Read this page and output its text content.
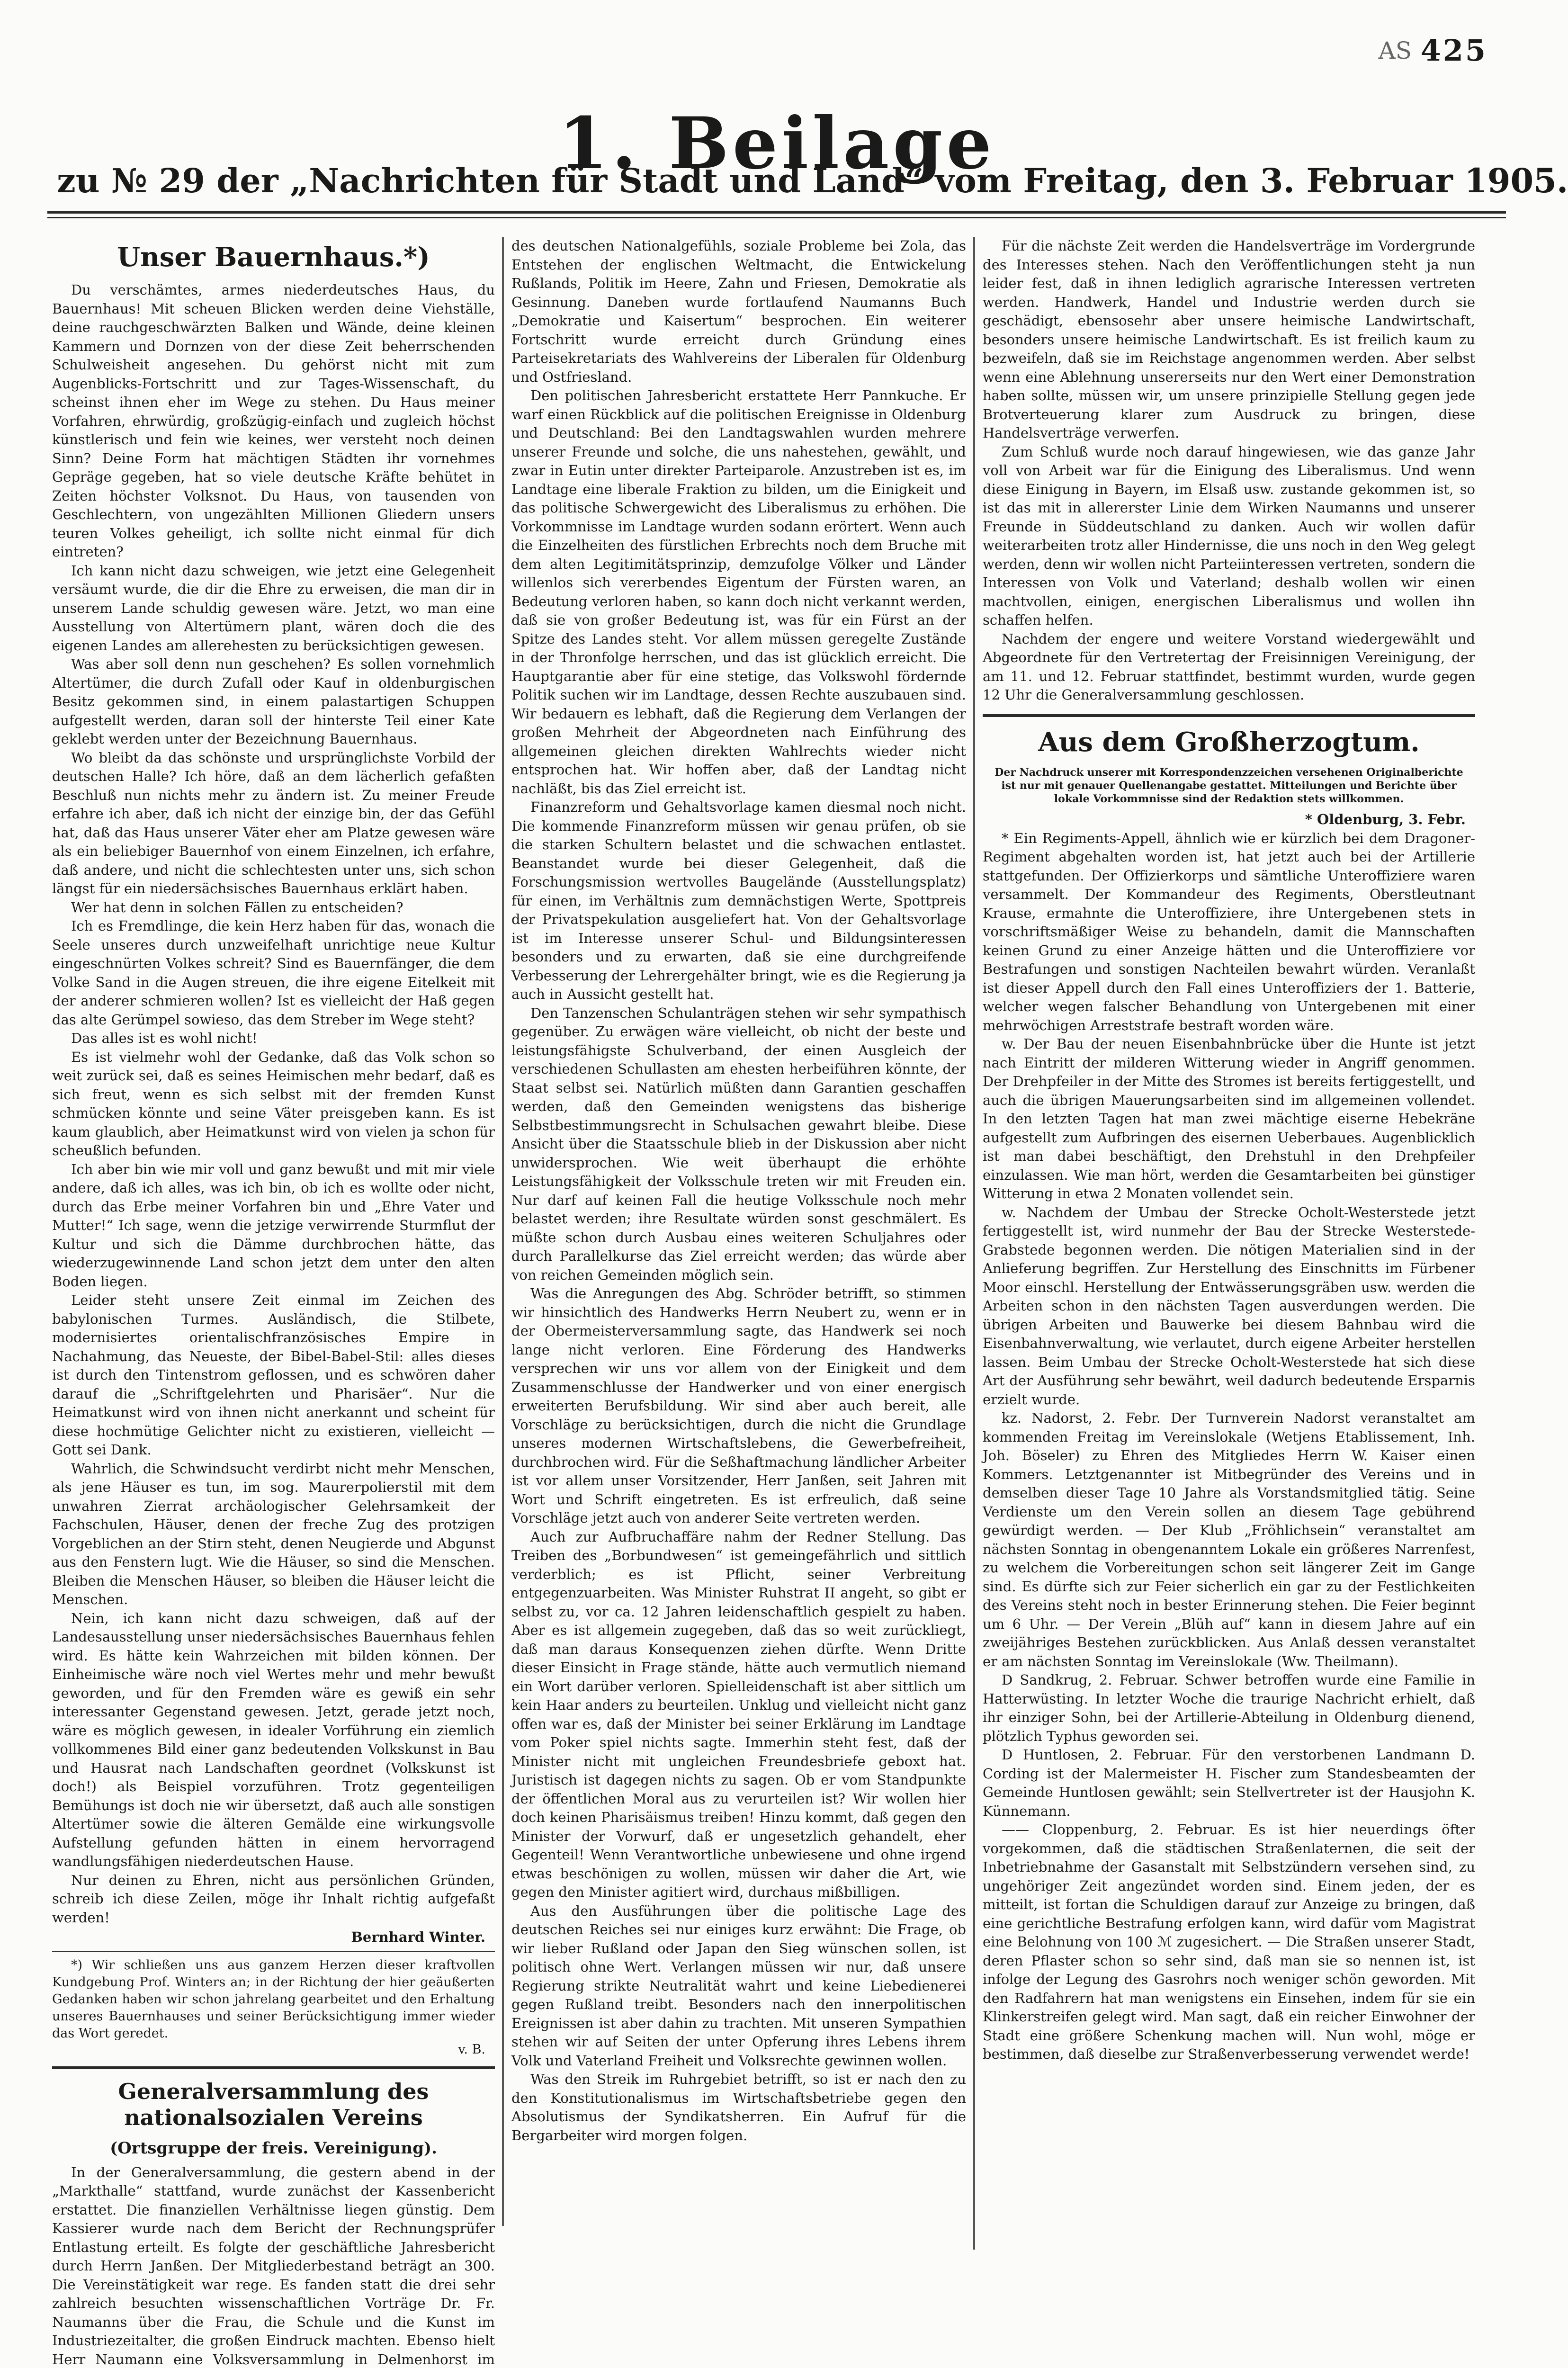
AS 425
1. Beilage
zu № 29 der „Nachrichten für Stadt und Land“ vom Freitag, den 3. Februar 1905.
Unser Bauernhaus.*)

Du verschämtes, armes niederdeutsches Haus, du Bauernhaus! Mit scheuen Blicken werden deine Viehställe, deine rauchgeschwärzten Balken und Wände, deine kleinen Kammern und Dornzen von der diese Zeit beherrschenden Schulweisheit angesehen. Du gehörst nicht mit zum Augenblicks-Fortschritt und zur Tages-Wissenschaft, du scheinst ihnen eher im Wege zu stehen. Du Haus meiner Vorfahren, ehrwürdig, großzügig-einfach und zugleich höchst künstlerisch und fein wie keines, wer versteht noch deinen Sinn? Deine Form hat mächtigen Städten ihr vornehmes Gepräge gegeben, hat so viele deutsche Kräfte behütet in Zeiten höchster Volksnot. Du Haus, von tausenden von Geschlechtern, von ungezählten Millionen Gliedern unsers teuren Volkes geheiligt, ich sollte nicht einmal für dich eintreten?

Ich kann nicht dazu schweigen, wie jetzt eine Gelegenheit versäumt wurde, die dir die Ehre zu erweisen, die man dir in unserem Lande schuldig gewesen wäre. Jetzt, wo man eine Ausstellung von Altertümern plant, wären doch die des eigenen Landes am allerehesten zu berücksichtigen gewesen.

Was aber soll denn nun geschehen? Es sollen vornehmlich Altertümer, die durch Zufall oder Kauf in oldenburgischen Besitz gekommen sind, in einem palastartigen Schuppen aufgestellt werden, daran soll der hinterste Teil einer Kate geklebt werden unter der Bezeichnung Bauernhaus.

Wo bleibt da das schönste und ursprünglichste Vorbild der deutschen Halle? Ich höre, daß an dem lächerlich gefaßten Beschluß nun nichts mehr zu ändern ist. Zu meiner Freude erfahre ich aber, daß ich nicht der einzige bin, der das Gefühl hat, daß das Haus unserer Väter eher am Platze gewesen wäre als ein beliebiger Bauernhof von einem Einzelnen, ich erfahre, daß andere, und nicht die schlechtesten unter uns, sich schon längst für ein niedersächsisches Bauernhaus erklärt haben.

Wer hat denn in solchen Fällen zu entscheiden?

Ich es Fremdlinge, die kein Herz haben für das, wonach die Seele unseres durch unzweifelhaft unrichtige neue Kultur eingeschnürten Volkes schreit? Sind es Bauernfänger, die dem Volke Sand in die Augen streuen, die ihre eigene Eitelkeit mit der anderer schmieren wollen? Ist es vielleicht der Haß gegen das alte Gerümpel sowieso, das dem Streber im Wege steht?

Das alles ist es wohl nicht!

Es ist vielmehr wohl der Gedanke, daß das Volk schon so weit zurück sei, daß es seines Heimischen mehr bedarf, daß es sich freut, wenn es sich selbst mit der fremden Kunst schmücken könnte und seine Väter preisgeben kann. Es ist kaum glaublich, aber Heimatkunst wird von vielen ja schon für scheußlich befunden.

Ich aber bin wie mir voll und ganz bewußt und mit mir viele andere, daß ich alles, was ich bin, ob ich es wollte oder nicht, durch das Erbe meiner Vorfahren bin und „Ehre Vater und Mutter!“ Ich sage, wenn die jetzige verwirrende Sturmflut der Kultur und sich die Dämme durchbrochen hätte, das wiederzugewinnende Land schon jetzt dem unter den alten Boden liegen.

Leider steht unsere Zeit einmal im Zeichen des babylonischen Turmes. Ausländisch, die Stilbete, modernisiertes orientalischfranzösisches Empire in Nachahmung, das Neueste, der Bibel-Babel-Stil: alles dieses ist durch den Tintenstrom geflossen, und es schwören daher darauf die „Schriftgelehrten und Pharisäer“. Nur die Heimatkunst wird von ihnen nicht anerkannt und scheint für diese hochmütige Gelichter nicht zu existieren, vielleicht — Gott sei Dank.

Wahrlich, die Schwindsucht verdirbt nicht mehr Menschen, als jene Häuser es tun, im sog. Maurerpolierstil mit dem unwahren Zierrat archäologischer Gelehrsamkeit der Fachschulen, Häuser, denen der freche Zug des protzigen Vorgeblichen an der Stirn steht, denen Neugierde und Abgunst aus den Fenstern lugt. Wie die Häuser, so sind die Menschen. Bleiben die Menschen Häuser, so bleiben die Häuser leicht die Menschen.

Nein, ich kann nicht dazu schweigen, daß auf der Landesausstellung unser niedersächsisches Bauernhaus fehlen wird. Es hätte kein Wahrzeichen mit bilden können. Der Einheimische wäre noch viel Wertes mehr und mehr bewußt geworden, und für den Fremden wäre es gewiß ein sehr interessanter Gegenstand gewesen. Jetzt, gerade jetzt noch, wäre es möglich gewesen, in idealer Vorführung ein ziemlich vollkommenes Bild einer ganz bedeutenden Volkskunst in Bau und Hausrat nach Landschaften geordnet (Volkskunst ist doch!) als Beispiel vorzuführen. Trotz gegenteiligen Bemühungs ist doch nie wir übersetzt, daß auch alle sonstigen Altertümer sowie die älteren Gemälde eine wirkungsvolle Aufstellung gefunden hätten in einem hervorragend wandlungsfähigen niederdeutschen Hause.

Nur deinen zu Ehren, nicht aus persönlichen Gründen, schreib ich diese Zeilen, möge ihr Inhalt richtig aufgefaßt werden!

Bernhard Winter.

*) Wir schließen uns aus ganzem Herzen dieser kraftvollen Kundgebung Prof. Winters an; in der Richtung der hier geäußerten Gedanken haben wir schon jahrelang gearbeitet und den Erhaltung unseres Bauernhauses und seiner Berücksichtigung immer wieder das Wort geredet.

v. B.
Generalversammlung des nationalsozialen Vereins
(Ortsgruppe der freis. Vereinigung).

In der Generalversammlung, die gestern abend in der „Markthalle“ stattfand, wurde zunächst der Kassenbericht erstattet. Die finanziellen Verhältnisse liegen günstig. Dem Kassierer wurde nach dem Bericht der Rechnungsprüfer Entlastung erteilt. Es folgte der geschäftliche Jahresbericht durch Herrn Janßen. Der Mitgliederbestand beträgt an 300. Die Vereinstätigkeit war rege. Es fanden statt die drei sehr zahlreich besuchten wissenschaftlichen Vorträge Dr. Fr. Naumanns über die Frau, die Schule und die Kunst im Industriezeitalter, die großen Eindruck machten. Ebenso hielt Herr Naumann eine Volksversammlung in Delmenhorst im

des deutschen Nationalgefühls, soziale Probleme bei Zola, das Entstehen der englischen Weltmacht, die Entwickelung Rußlands, Politik im Heere, Zahn und Friesen, Demokratie als Gesinnung. Daneben wurde fortlaufend Naumanns Buch „Demokratie und Kaisertum“ besprochen. Ein weiterer Fortschritt wurde erreicht durch Gründung eines Parteisekretariats des Wahlvereins der Liberalen für Oldenburg und Ostfriesland.

Den politischen Jahresbericht erstattete Herr Pannkuche. Er warf einen Rückblick auf die politischen Ereignisse in Oldenburg und Deutschland: Bei den Landtagswahlen wurden mehrere unserer Freunde und solche, die uns nahestehen, gewählt, und zwar in Eutin unter direkter Parteiparole. Anzustreben ist es, im Landtage eine liberale Fraktion zu bilden, um die Einigkeit und das politische Schwergewicht des Liberalismus zu erhöhen. Die Vorkommnisse im Landtage wurden sodann erörtert. Wenn auch die Einzelheiten des fürstlichen Erbrechts noch dem Bruche mit dem alten Legitimitätsprinzip, demzufolge Völker und Länder willenlos sich vererbendes Eigentum der Fürsten waren, an Bedeutung verloren haben, so kann doch nicht verkannt werden, daß sie von großer Bedeutung ist, was für ein Fürst an der Spitze des Landes steht. Vor allem müssen geregelte Zustände in der Thronfolge herrschen, und das ist glücklich erreicht. Die Hauptgarantie aber für eine stetige, das Volkswohl fördernde Politik suchen wir im Landtage, dessen Rechte auszubauen sind. Wir bedauern es lebhaft, daß die Regierung dem Verlangen der großen Mehrheit der Abgeordneten nach Einführung des allgemeinen gleichen direkten Wahlrechts wieder nicht entsprochen hat. Wir hoffen aber, daß der Landtag nicht nachläßt, bis das Ziel erreicht ist.

Finanzreform und Gehaltsvorlage kamen diesmal noch nicht. Die kommende Finanzreform müssen wir genau prüfen, ob sie die starken Schultern belastet und die schwachen entlastet. Beanstandet wurde bei dieser Gelegenheit, daß die Forschungsmission wertvolles Baugelände (Ausstellungsplatz) für einen, im Verhältnis zum demnächstigen Werte, Spottpreis der Privatspekulation ausgeliefert hat. Von der Gehaltsvorlage ist im Interesse unserer Schul- und Bildungsinteressen besonders und zu erwarten, daß sie eine durchgreifende Verbesserung der Lehrergehälter bringt, wie es die Regierung ja auch in Aussicht gestellt hat.

Den Tanzenschen Schulanträgen stehen wir sehr sympathisch gegenüber. Zu erwägen wäre vielleicht, ob nicht der beste und leistungsfähigste Schulverband, der einen Ausgleich der verschiedenen Schullasten am ehesten herbeiführen könnte, der Staat selbst sei. Natürlich müßten dann Garantien geschaffen werden, daß den Gemeinden wenigstens das bisherige Selbstbestimmungsrecht in Schulsachen gewahrt bleibe. Diese Ansicht über die Staatsschule blieb in der Diskussion aber nicht unwidersprochen. Wie weit überhaupt die erhöhte Leistungsfähigkeit der Volksschule treten wir mit Freuden ein. Nur darf auf keinen Fall die heutige Volksschule noch mehr belastet werden; ihre Resultate würden sonst geschmälert. Es müßte schon durch Ausbau eines weiteren Schuljahres oder durch Parallelkurse das Ziel erreicht werden; das würde aber von reichen Gemeinden möglich sein.

Was die Anregungen des Abg. Schröder betrifft, so stimmen wir hinsichtlich des Handwerks Herrn Neubert zu, wenn er in der Obermeisterversammlung sagte, das Handwerk sei noch lange nicht verloren. Eine Förderung des Handwerks versprechen wir uns vor allem von der Einigkeit und dem Zusammenschlusse der Handwerker und von einer energisch erweiterten Berufsbildung. Wir sind aber auch bereit, alle Vorschläge zu berücksichtigen, durch die nicht die Grundlage unseres modernen Wirtschaftslebens, die Gewerbefreiheit, durchbrochen wird. Für die Seßhaftmachung ländlicher Arbeiter ist vor allem unser Vorsitzender, Herr Janßen, seit Jahren mit Wort und Schrift eingetreten. Es ist erfreulich, daß seine Vorschläge jetzt auch von anderer Seite vertreten werden.

Auch zur Aufbruchaffäre nahm der Redner Stellung. Das Treiben des „Borbundwesen“ ist gemeingefährlich und sittlich verderblich; es ist Pflicht, seiner Verbreitung entgegenzuarbeiten. Was Minister Ruhstrat II angeht, so gibt er selbst zu, vor ca. 12 Jahren leidenschaftlich gespielt zu haben. Aber es ist allgemein zugegeben, daß das so weit zurückliegt, daß man daraus Konsequenzen ziehen dürfte. Wenn Dritte dieser Einsicht in Frage stände, hätte auch vermutlich niemand ein Wort darüber verloren. Spielleidenschaft ist aber sittlich um kein Haar anders zu beurteilen. Unklug und vielleicht nicht ganz offen war es, daß der Minister bei seiner Erklärung im Landtage vom Poker spiel nichts sagte. Immerhin steht fest, daß der Minister nicht mit ungleichen Freundesbriefe geboxt hat. Juristisch ist dagegen nichts zu sagen. Ob er vom Standpunkte der öffentlichen Moral aus zu verurteilen ist? Wir wollen hier doch keinen Pharisäismus treiben! Hinzu kommt, daß gegen den Minister der Vorwurf, daß er ungesetzlich gehandelt, eher Gegenteil! Wenn Verantwortliche unbewiesene und ohne irgend etwas beschönigen zu wollen, müssen wir daher die Art, wie gegen den Minister agitiert wird, durchaus mißbilligen.

Aus den Ausführungen über die politische Lage des deutschen Reiches sei nur einiges kurz erwähnt: Die Frage, ob wir lieber Rußland oder Japan den Sieg wünschen sollen, ist politisch ohne Wert. Verlangen müssen wir nur, daß unsere Regierung strikte Neutralität wahrt und keine Liebedienerei gegen Rußland treibt. Besonders nach den innerpolitischen Ereignissen ist aber dahin zu trachten. Mit unseren Sympathien stehen wir auf Seiten der unter Opferung ihres Lebens ihrem Volk und Vaterland Freiheit und Volksrechte gewinnen wollen.

Was den Streik im Ruhrgebiet betrifft, so ist er nach den zu den Konstitutionalismus im Wirtschaftsbetriebe gegen den Absolutismus der Syndikatsherren. Ein Aufruf für die Bergarbeiter wird morgen folgen.

Für die nächste Zeit werden die Handelsverträge im Vordergrunde des Interesses stehen. Nach den Veröffentlichungen steht ja nun leider fest, daß in ihnen lediglich agrarische Interessen vertreten werden. Handwerk, Handel und Industrie werden durch sie geschädigt, ebensosehr aber unsere heimische Landwirtschaft, besonders unsere heimische Landwirtschaft. Es ist freilich kaum zu bezweifeln, daß sie im Reichstage angenommen werden. Aber selbst wenn eine Ablehnung unsererseits nur den Wert einer Demonstration haben sollte, müssen wir, um unsere prinzipielle Stellung gegen jede Brotverteuerung klarer zum Ausdruck zu bringen, diese Handelsverträge verwerfen.

Zum Schluß wurde noch darauf hingewiesen, wie das ganze Jahr voll von Arbeit war für die Einigung des Liberalismus. Und wenn diese Einigung in Bayern, im Elsaß usw. zustande gekommen ist, so ist das mit in allererster Linie dem Wirken Naumanns und unserer Freunde in Süddeutschland zu danken. Auch wir wollen dafür weiterarbeiten trotz aller Hindernisse, die uns noch in den Weg gelegt werden, denn wir wollen nicht Parteiinteressen vertreten, sondern die Interessen von Volk und Vaterland; deshalb wollen wir einen machtvollen, einigen, energischen Liberalismus und wollen ihn schaffen helfen.

Nachdem der engere und weitere Vorstand wiedergewählt und Abgeordnete für den Vertretertag der Freisinnigen Vereinigung, der am 11. und 12. Februar stattfindet, bestimmt wurden, wurde gegen 12 Uhr die Generalversammlung geschlossen.

Aus dem Großherzogtum.
Der Nachdruck unserer mit Korrespondenzzeichen versehenen Originalberichte ist nur mit genauer Quellenangabe gestattet. Mitteilungen und Berichte über lokale Vorkommnisse sind der Redaktion stets willkommen.
* Oldenburg, 3. Febr.

* Ein Regiments-Appell, ähnlich wie er kürzlich bei dem Dragoner-Regiment abgehalten worden ist, hat jetzt auch bei der Artillerie stattgefunden. Der Offizierkorps und sämtliche Unteroffiziere waren versammelt. Der Kommandeur des Regiments, Oberstleutnant Krause, ermahnte die Unteroffiziere, ihre Untergebenen stets in vorschriftsmäßiger Weise zu behandeln, damit die Mannschaften keinen Grund zu einer Anzeige hätten und die Unteroffiziere vor Bestrafungen und sonstigen Nachteilen bewahrt würden. Veranlaßt ist dieser Appell durch den Fall eines Unteroffiziers der 1. Batterie, welcher wegen falscher Behandlung von Untergebenen mit einer mehrwöchigen Arreststrafe bestraft worden wäre.

w. Der Bau der neuen Eisenbahnbrücke über die Hunte ist jetzt nach Eintritt der milderen Witterung wieder in Angriff genommen. Der Drehpfeiler in der Mitte des Stromes ist bereits fertiggestellt, und auch die übrigen Mauerungsarbeiten sind im allgemeinen vollendet. In den letzten Tagen hat man zwei mächtige eiserne Hebekräne aufgestellt zum Aufbringen des eisernen Ueberbaues. Augenblicklich ist man dabei beschäftigt, den Drehstuhl in den Drehpfeiler einzulassen. Wie man hört, werden die Gesamtarbeiten bei günstiger Witterung in etwa 2 Monaten vollendet sein.

w. Nachdem der Umbau der Strecke Ocholt-Westerstede jetzt fertiggestellt ist, wird nunmehr der Bau der Strecke Westerstede-Grabstede begonnen werden. Die nötigen Materialien sind in der Anlieferung begriffen. Zur Herstellung des Einschnitts im Fürbener Moor einschl. Herstellung der Entwässerungsgräben usw. werden die Arbeiten schon in den nächsten Tagen ausverdungen werden. Die übrigen Arbeiten und Bauwerke bei diesem Bahnbau wird die Eisenbahnverwaltung, wie verlautet, durch eigene Arbeiter herstellen lassen. Beim Umbau der Strecke Ocholt-Westerstede hat sich diese Art der Ausführung sehr bewährt, weil dadurch bedeutende Ersparnis erzielt wurde.

kz. Nadorst, 2. Febr. Der Turnverein Nadorst veranstaltet am kommenden Freitag im Vereinslokale (Wetjens Etablissement, Inh. Joh. Böseler) zu Ehren des Mitgliedes Herrn W. Kaiser einen Kommers. Letztgenannter ist Mitbegründer des Vereins und in demselben dieser Tage 10 Jahre als Vorstandsmitglied tätig. Seine Verdienste um den Verein sollen an diesem Tage gebührend gewürdigt werden. — Der Klub „Fröhlichsein“ veranstaltet am nächsten Sonntag in obengenanntem Lokale ein größeres Narrenfest, zu welchem die Vorbereitungen schon seit längerer Zeit im Gange sind. Es dürfte sich zur Feier sicherlich ein gar zu der Festlichkeiten des Vereins steht noch in bester Erinnerung stehen. Die Feier beginnt um 6 Uhr. — Der Verein „Blüh auf“ kann in diesem Jahre auf ein zweijähriges Bestehen zurückblicken. Aus Anlaß dessen veranstaltet er am nächsten Sonntag im Vereinslokale (Ww. Theilmann).

D Sandkrug, 2. Februar. Schwer betroffen wurde eine Familie in Hatterwüsting. In letzter Woche die traurige Nachricht erhielt, daß ihr einziger Sohn, bei der Artillerie-Abteilung in Oldenburg dienend, plötzlich Typhus geworden sei.

D Huntlosen, 2. Februar. Für den verstorbenen Landmann D. Cording ist der Malermeister H. Fischer zum Standesbeamten der Gemeinde Huntlosen gewählt; sein Stellvertreter ist der Hausjohn K. Künnemann.

—— Cloppenburg, 2. Februar. Es ist hier neuerdings öfter vorgekommen, daß die städtischen Straßenlaternen, die seit der Inbetriebnahme der Gasanstalt mit Selbstzündern versehen sind, zu ungehöriger Zeit angezündet worden sind. Einem jeden, der es mitteilt, ist fortan die Schuldigen darauf zur Anzeige zu bringen, daß eine gerichtliche Bestrafung erfolgen kann, wird dafür vom Magistrat eine Belohnung von 100 ℳ zugesichert. — Die Straßen unserer Stadt, deren Pflaster schon so sehr sind, daß man sie so nennen ist, ist infolge der Legung des Gasrohrs noch weniger schön geworden. Mit den Radfahrern hat man wenigstens ein Einsehen, indem für sie ein Klinkerstreifen gelegt wird. Man sagt, daß ein reicher Einwohner der Stadt eine größere Schenkung machen will. Nun wohl, möge er bestimmen, daß dieselbe zur Straßenverbesserung verwendet werde!
